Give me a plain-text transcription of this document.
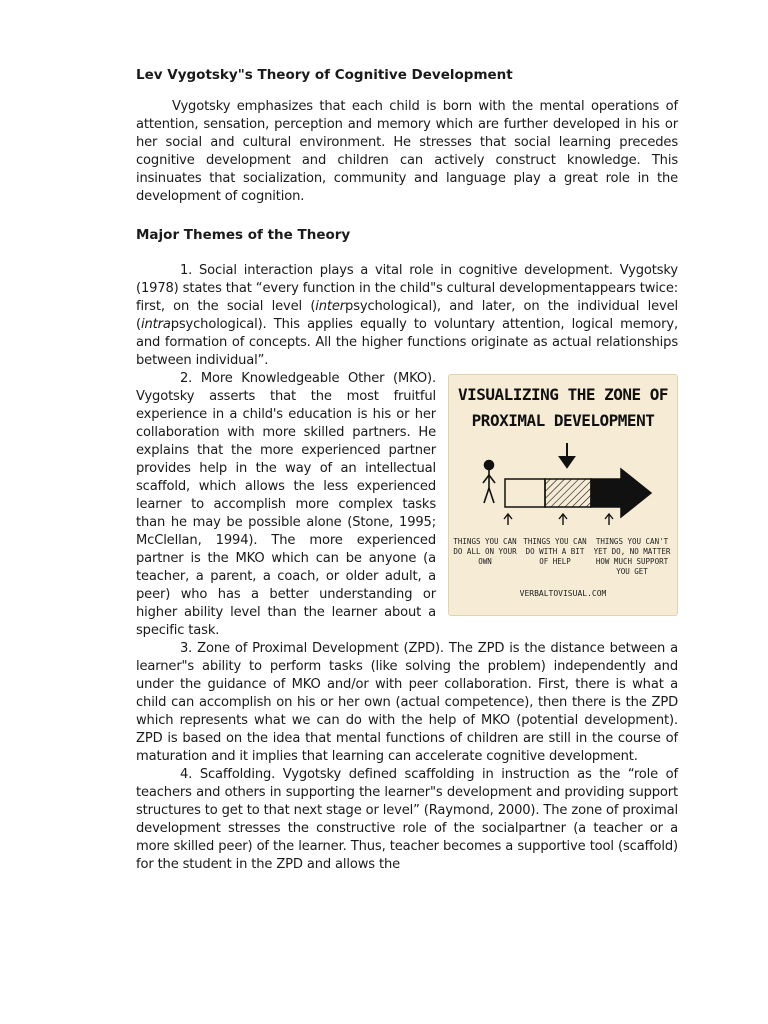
Lev Vygotsky"s Theory of Cognitive Development

Vygotsky emphasizes that each child is born with the mental operations of attention, sensation, perception and memory which are further developed in his or her social and cultural environment. He stresses that social learning precedes cognitive development and children can actively construct knowledge. This insinuates that socialization, community and language play a great role in the development of cognition.

Major Themes of the Theory

1. Social interaction plays a vital role in cognitive development. Vygotsky (1978) states that “every function in the child"s cultural developmentappears twice: first, on the social level (interpsychological), and later, on the individual level (intrapsychological). This applies equally to voluntary attention, logical memory, and formation of concepts. All the higher functions originate as actual relationships between individual”.

VISUALIZING THE ZONE OF
PROXIMAL DEVELOPMENT
THINGS YOU CAN DO ALL ON YOUR OWN
THINGS YOU CAN DO WITH A BIT OF HELP
THINGS YOU CAN'T YET DO, NO MATTER HOW MUCH SUPPORT YOU GET
VERBALTOVISUAL.COM

2. More Knowledgeable Other (MKO). Vygotsky asserts that the most fruitful experience in a child's education is his or her collaboration with more skilled partners. He explains that the more experienced partner provides help in the way of an intellectual scaffold, which allows the less experienced learner to accomplish more complex tasks than he may be possible alone (Stone, 1995; McClellan, 1994). The more experienced partner is the MKO which can be anyone (a teacher, a parent, a coach, or older adult, a peer) who has a better understanding or higher ability level than the learner about a specific task.

3. Zone of Proximal Development (ZPD). The ZPD is the distance between a learner"s ability to perform tasks (like solving the problem) independently and under the guidance of MKO and/or with peer collaboration. First, there is what a child can accomplish on his or her own (actual competence), then there is the ZPD which represents what we can do with the help of MKO (potential development). ZPD is based on the idea that mental functions of children are still in the course of maturation and it implies that learning can accelerate cognitive development.

4. Scaffolding. Vygotsky defined scaffolding in instruction as the “role of teachers and others in supporting the learner"s development and providing support structures to get to that next stage or level” (Raymond, 2000). The zone of proximal development stresses the constructive role of the socialpartner (a teacher or a more skilled peer) of the learner. Thus, teacher becomes a supportive tool (scaffold) for the student in the ZPD and allows the
